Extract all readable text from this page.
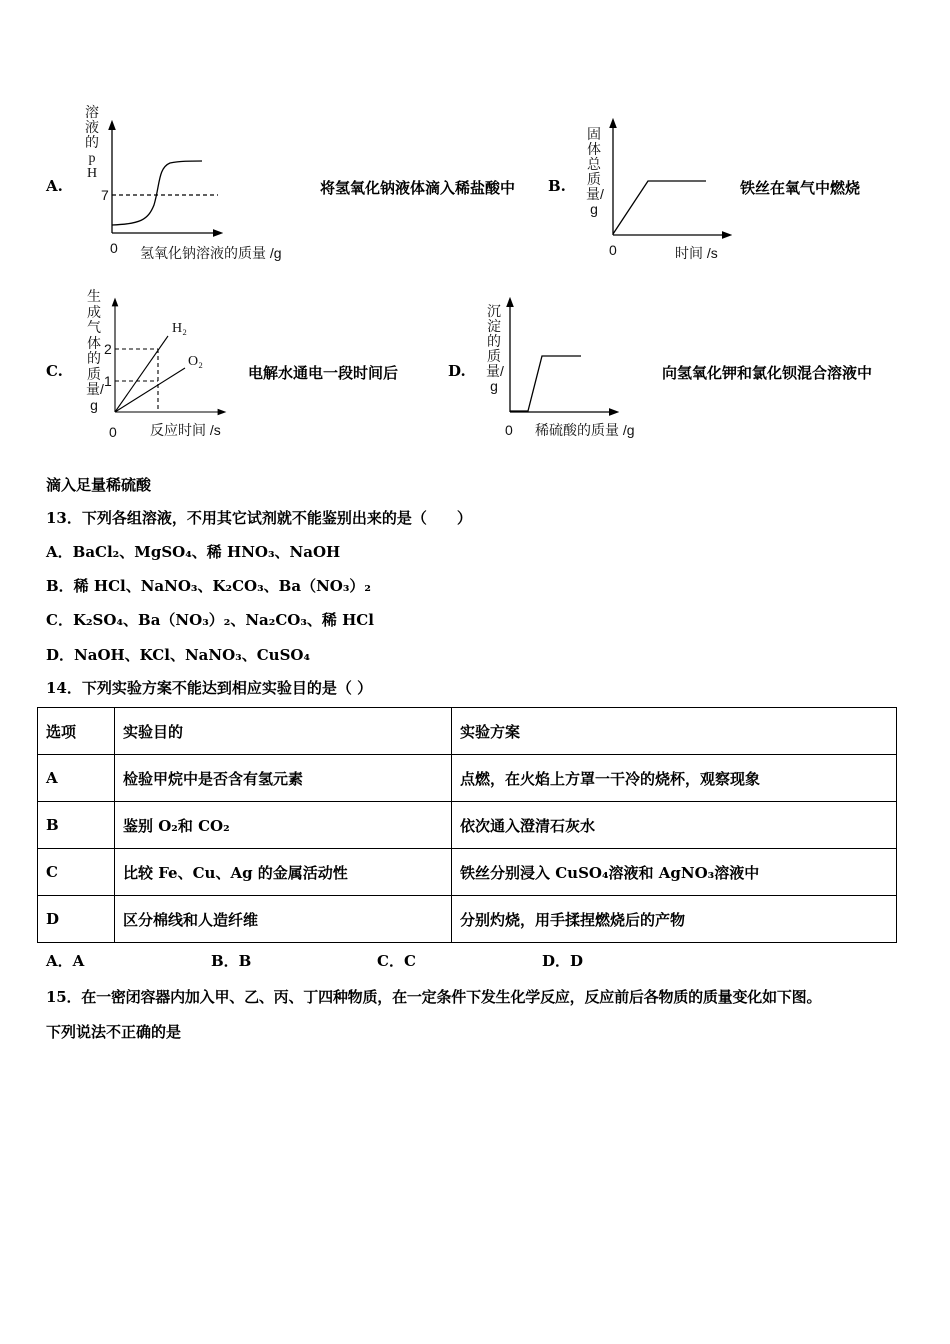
A.
溶液的pH
7
0 氢氧化钠溶液的质量 /g
将氢氧化钠液体滴入稀盐酸中 B.
固体总质量/g
0	时间 /s
铁丝在氧气中燃烧
C.
生成气体的质量/g
2
1
0 反应时间 /s
H₂
O₂
电解水通电一段时间后	D.
沉淀的质量/g
0 稀硫酸的质量 /g
向氢氧化钾和氯化钡混合溶液中
滴入足量稀硫酸
13．下列各组溶液，不用其它试剂就不能鉴别出来的是（　　）
A．BaCl₂、MgSO₄、稀 HNO₃、NaOH
B．稀 HCl、NaNO₃、K₂CO₃、Ba（NO₃）₂
C．K₂SO₄、Ba（NO₃）₂、Na₂CO₃、稀 HCl
D．NaOH、KCl、NaNO₃、CuSO₄
14．下列实验方案不能达到相应实验目的是（ ）
选项	实验目的	实验方案
A	检验甲烷中是否含有氢元素	点燃，在火焰上方罩一干冷的烧杯，观察现象
B	鉴别 O₂和 CO₂	依次通入澄清石灰水
C	比较 Fe、Cu、Ag 的金属活动性	铁丝分别浸入 CuSO₄溶液和 AgNO₃溶液中
D	区分棉线和人造纤维	分别灼烧，用手揉捏燃烧后的产物
A．A	B．B	C．C	D．D
15．在一密闭容器内加入甲、乙、丙、丁四种物质，在一定条件下发生化学反应，反应前后各物质的质量变化如下图。
下列说法不正确的是
